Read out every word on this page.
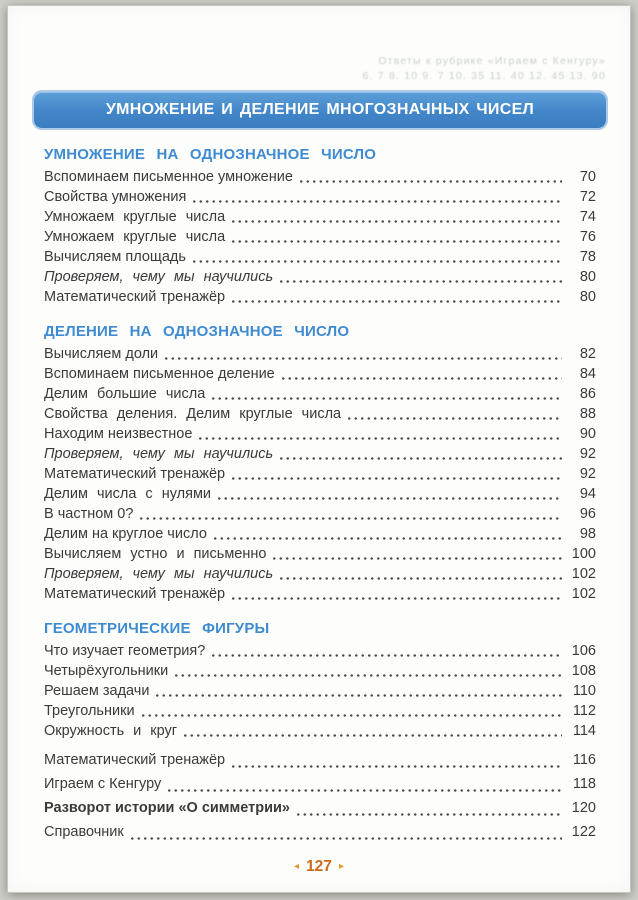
Ответы к рубрике «Играем с Кенгуру»
6. 7 8. 10 9. 7 10. 35 11. 40 12. 45 13. 90
УМНОЖЕНИЕ И ДЕЛЕНИЕ МНОГОЗНАЧНЫХ ЧИСЕЛ
УМНОЖЕНИЕ НА ОДНОЗНАЧНОЕ ЧИСЛО
Вспоминаем письменное умножение	70
Свойства умножения	72
Умножаем круглые числа	74
Умножаем круглые числа	76
Вычисляем площадь	78
Проверяем, чему мы научились	80
Математический тренажёр	80
ДЕЛЕНИЕ НА ОДНОЗНАЧНОЕ ЧИСЛО
Вычисляем доли	82
Вспоминаем письменное деление	84
Делим большие числа	86
Свойства деления. Делим круглые числа	88
Находим неизвестное	90
Проверяем, чему мы научились	92
Математический тренажёр	92
Делим числа с нулями	94
В частном 0?	96
Делим на круглое число	98
Вычисляем устно и письменно	100
Проверяем, чему мы научились	102
Математический тренажёр	102
ГЕОМЕТРИЧЕСКИЕ ФИГУРЫ
Что изучает геометрия?	106
Четырёхугольники	108
Решаем задачи	110
Треугольники	112
Окружность и круг	114
Математический тренажёр	116
Играем с Кенгуру	118
Разворот истории «О симметрии»	120
Справочник	122
◂ 127 ▸
